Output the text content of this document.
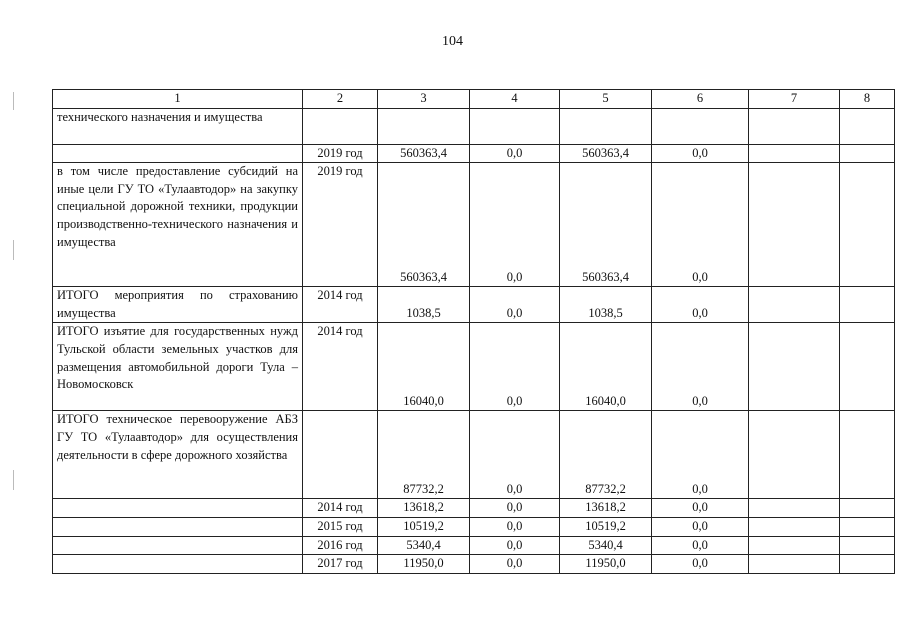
104
1	2	3	4	5	6	7	8
технического назначения и имущества							
	2019 год	560363,4	0,0	560363,4	0,0		
в том числе предоставление субсидий на иные цели ГУ ТО «Тулаавтодор» на закупку специальной дорожной техники, продукции производственно-технического назначения и имущества	2019 год	560363,4	0,0	560363,4	0,0		
ИТОГО мероприятия по страхованию имущества	2014 год	1038,5	0,0	1038,5	0,0		
ИТОГО изъятие для государственных нужд Тульской области земельных участков для размещения автомобильной дороги Тула – Новомосковск	2014 год	16040,0	0,0	16040,0	0,0		
ИТОГО техническое перевооружение АБЗ ГУ ТО «Тулаавтодор» для осуществления деятельности в сфере дорожного хозяйства		87732,2	0,0	87732,2	0,0		
	2014 год	13618,2	0,0	13618,2	0,0		
	2015 год	10519,2	0,0	10519,2	0,0		
	2016 год	5340,4	0,0	5340,4	0,0		
	2017 год	11950,0	0,0	11950,0	0,0		
